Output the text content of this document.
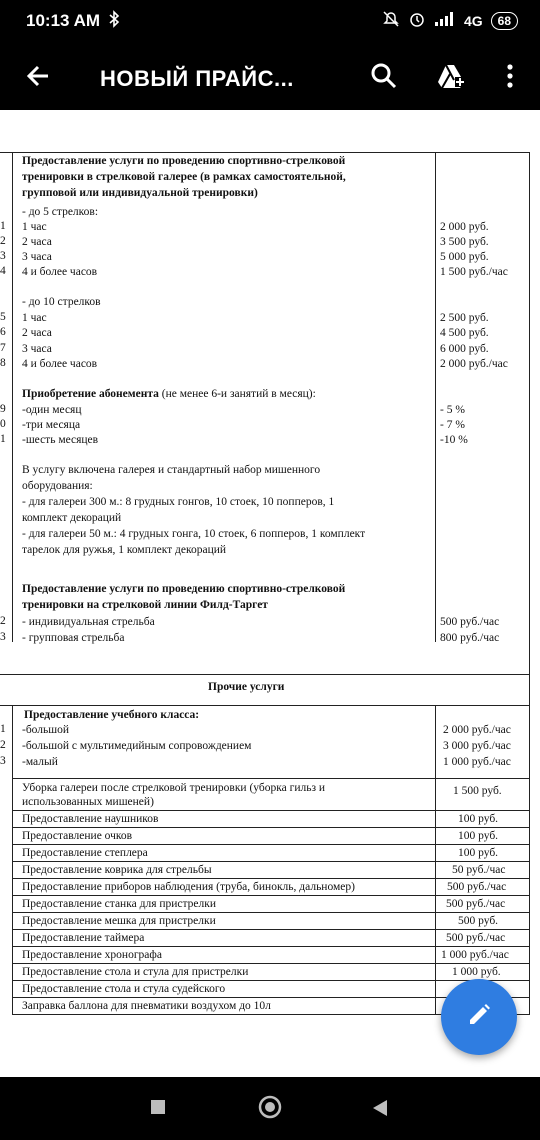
10:13 AM	4G	68
НОВЫЙ ПРАЙС...
Предоставление услуги по проведению спортивно-стрелковой
тренировки в стрелковой галерее (в рамках самостоятельной,
групповой или индивидуальной тренировки)
- до 5 стрелков:
1 1 час	2 000 руб.
2 2 часа	3 500 руб.
3 3 часа	5 000 руб.
4 4 и более часов	1 500 руб./час
- до 10 стрелков
5 1 час	2 500 руб.
6 2 часа	4 500 руб.
7 3 часа	6 000 руб.
8 4 и более часов	2 000 руб./час
Приобретение абонемента (не менее 6-и занятий в месяц):
9 -один месяц	- 5 %
0 -три месяца	- 7 %
1 -шесть месяцев	-10 %
В услугу включена галерея и стандартный набор мишенного
оборудования:
- для галереи 300 м.: 8 грудных гонгов, 10 стоек, 10 попперов, 1
комплект декораций
- для галереи 50 м.: 4 грудных гонга, 10 стоек, 6 попперов, 1 комплект
тарелок для ружья, 1 комплект декораций
Предоставление услуги по проведению спортивно-стрелковой
тренировки на стрелковой линии Филд-Таргет
2 - индивидуальная стрельба	500 руб./час
3 - групповая стрельба	800 руб./час
Прочие услуги
Предоставление учебного класса:
1 -большой	2 000 руб./час
2 -большой с мультимедийным сопровождением	3 000 руб./час
3 -малый	1 000 руб./час
Уборка галереи после стрелковой тренировки (уборка гильз и
использованных мишеней)
1 500 руб.
Предоставление наушников	100 руб.
Предоставление очков	100 руб.
Предоставление степлера	100 руб.
Предоставление коврика для стрельбы	50 руб./час
Предоставление приборов наблюдения (труба, бинокль, дальномер)	500 руб./час
Предоставление станка для пристрелки	500 руб./час
Предоставление мешка для пристрелки	500 руб.
Предоставление таймера	500 руб./час
Предоставление хронографа	1 000 руб./час
Предоставление стола и стула для пристрелки	1 000 руб.
Предоставление стола и стула судейского
Заправка баллона для пневматики воздухом до 10л
